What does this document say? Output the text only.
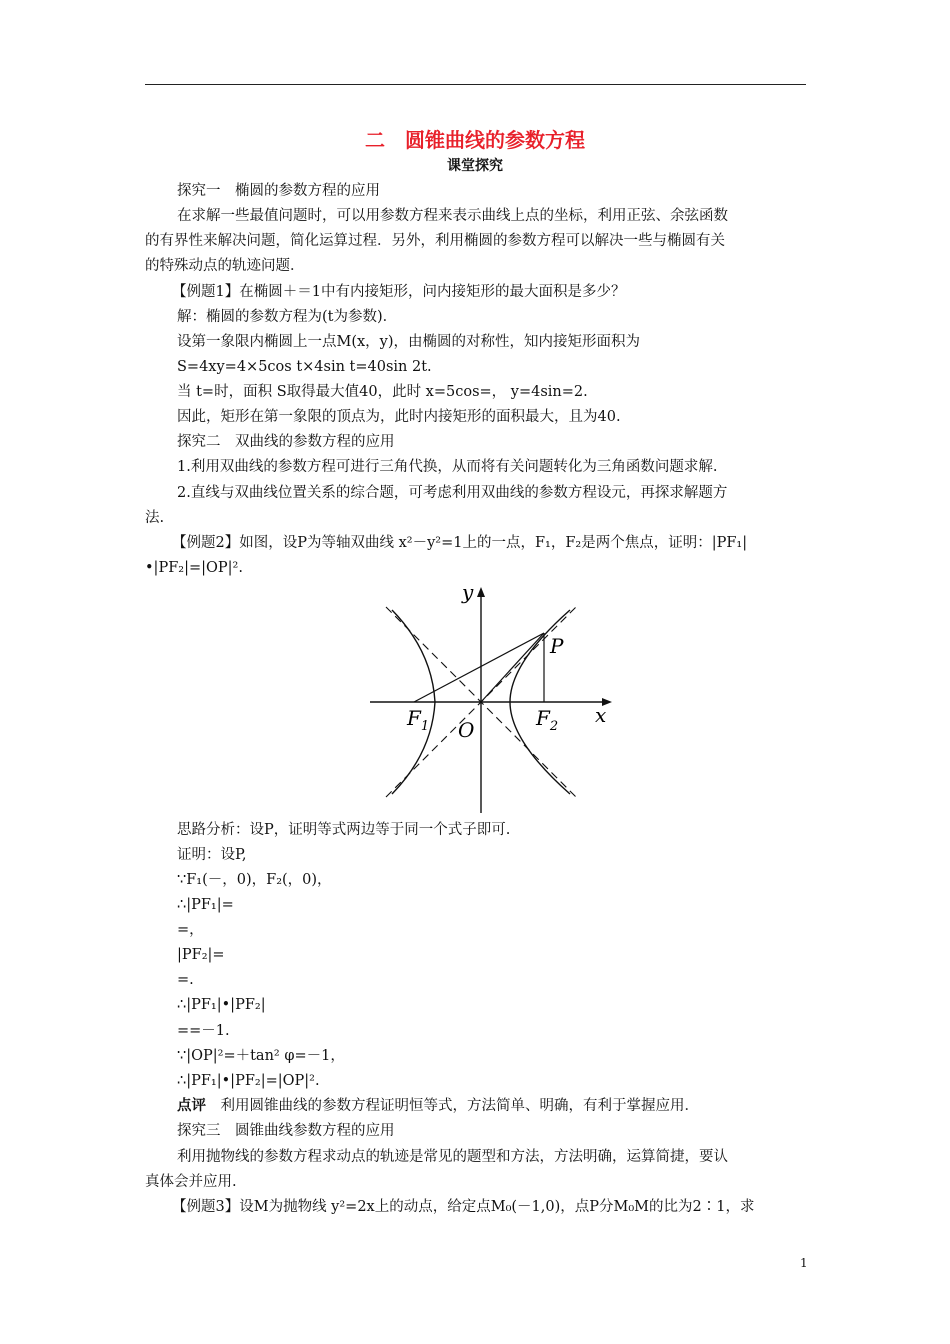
二　圆锥曲线的参数方程
课堂探究
探究一　椭圆的参数方程的应用
在求解一些最值问题时，可以用参数方程来表示曲线上点的坐标，利用正弦、余弦函数
的有界性来解决问题，简化运算过程．另外，利用椭圆的参数方程可以解决一些与椭圆有关
的特殊动点的轨迹问题．
【例题1】在椭圆＋＝1中有内接矩形，问内接矩形的最大面积是多少？
解：椭圆的参数方程为(t为参数)．
设第一象限内椭圆上一点M(x，y)，由椭圆的对称性，知内接矩形面积为
S=4xy=4×5cos t×4sin t=40sin 2t.
当 t=时，面积 S取得最大值40，此时 x=5cos=， y=4sin=2.
因此，矩形在第一象限的顶点为，此时内接矩形的面积最大，且为40.
探究二　双曲线的参数方程的应用
1.利用双曲线的参数方程可进行三角代换，从而将有关问题转化为三角函数问题求解.
2.直线与双曲线位置关系的综合题，可考虑利用双曲线的参数方程设元，再探求解题方
法.
【例题2】如图，设P为等轴双曲线 x²－y²=1上的一点，F₁，F₂是两个焦点，证明：|PF₁|
•|PF₂|=|OP|².
y
x
P
O
$F_1$	$F_2$
思路分析：设P，证明等式两边等于同一个式子即可.
证明：设P,
∵F₁(－，0)，F₂(，0)，
∴|PF₁|=
=，
|PF₂|=
=.
∴|PF₁|•|PF₂|
==－1.
∵|OP|²=＋tan² φ=－1，
∴|PF₁|•|PF₂|=|OP|².
点评　利用圆锥曲线的参数方程证明恒等式，方法简单、明确，有利于掌握应用．
探究三　圆锥曲线参数方程的应用
利用抛物线的参数方程求动点的轨迹是常见的题型和方法，方法明确，运算简捷，要认
真体会并应用.
【例题3】设M为抛物线 y²=2x上的动点，给定点M₀(－1,0)，点P分M₀M的比为2∶1，求
1
